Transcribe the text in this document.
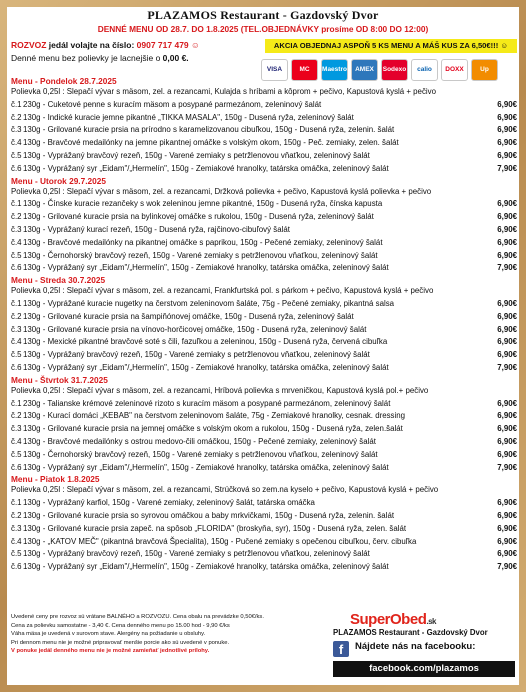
PLAZAMOS Restaurant - Gazdovský Dvor
DENNÉ MENU OD 28.7. DO 1.8.2025 (TEL.OBJEDNÁVKY prosíme OD 8:00 DO 12:00)
ROZVOZ jedál volajte na číslo: 0907 717 479 ☺
Denné menu bez polievky je lacnejšie o 0,00 €.
AKCIA OBJEDNAJ ASPOŇ 5 KS MENU A MÁŠ KUS ZA 6,50€!!! ☺
VISA	MC	Maestro	AMEX	Sodexo	calio	DOXX	Up
Menu - Pondelok 28.7.2025
Polievka 0,25l : Slepačí vývar s mäsom, zel. a rezancami, Kulajda s hríbami a kôprom + pečivo, Kapustová kyslá + pečivo
č.1 230g - Cuketové penne s kuracím mäsom a posypané parmezánom, zeleninový šalát	6,90€
č.2 130g - Indické kuracie jemne pikantné „TIKKA MASALA", 150g - Dusená ryža, zeleninový šalát	6,90€
č.3 130g - Grilované kuracie prsia na prírodno s karamelizovanou cibuľkou, 150g - Dusená ryža, zelenin. šalát	6,90€
č.4 130g - Bravčové medailónky na jemne pikantnej omáčke s volským okom, 150g - Peč. zemiaky, zelen. šalát	6,90€
č.5 130g - Vyprážaný bravčový rezeň, 150g - Varené zemiaky s petržlenovou vňaťkou, zeleninový šalát	6,90€
č.6 130g - Vyprážaný syr „Eidam"/„Hermelín", 150g - Zemiakové hranolky, tatárska omáčka, zeleninový šalát	7,90€
Menu - Utorok 29.7.2025
Polievka 0,25l : Slepačí vývar s mäsom, zel. a rezancami, Držková polievka + pečivo, Kapustová kyslá polievka + pečivo
č.1 130g - Čínske kuracie rezančeky s wok zeleninou jemne pikantné, 150g - Dusená ryža, čínska kapusta	6,90€
č.2 130g - Grilované kuracie prsia na bylinkovej omáčke s rukolou, 150g - Dusená ryža, zeleninový šalát	6,90€
č.3 130g - Vyprážaný kurací rezeň, 150g - Dusená ryža, rajčinovo-cibuľový šalát	6,90€
č.4 130g - Bravčové medailónky na pikantnej omáčke s paprikou, 150g - Pečené zemiaky, zeleninový šalát	6,90€
č.5 130g - Černohorský bravčový rezeň, 150g - Varené zemiaky s petržlenovou vňaťkou, zeleninový šalát	6,90€
č.6 130g - Vyprážaný syr „Eidam"/„Hermelín", 150g - Zemiakové hranolky, tatárska omáčka, zeleninový šalát	7,90€
Menu - Streda 30.7.2025
Polievka 0,25l : Slepačí vývar s mäsom, zel. a rezancami, Frankfurtská pol. s párkom + pečivo, Kapustová kyslá + pečivo
č.1 130g - Vyprážané kuracie nugetky na čerstvom zeleninovom šaláte, 75g - Pečené zemiaky, pikantná salsa	6,90€
č.2 130g - Grilované kuracie prsia na šampiňónovej omáčke, 150g - Dusená ryža, zeleninový šalát	6,90€
č.3 130g - Grilované kuracie prsia na vínovo-horčicovej omáčke, 150g - Dusená ryža, zeleninový šalát	6,90€
č.4 130g - Mexické pikantné bravčové soté s čili, fazuľkou a zeleninou, 150g - Dusená ryža, červená cibuľka	6,90€
č.5 130g - Vyprážaný bravčový rezeň, 150g - Varené zemiaky s petržlenovou vňaťkou, zeleninový šalát	6,90€
č.6 130g - Vyprážaný syr „Eidam"/„Hermelín", 150g - Zemiakové hranolky, tatárska omáčka, zeleninový šalát	7,90€
Menu - Štvrtok 31.7.2025
Polievka 0,25l : Slepačí vývar s mäsom, zel. a rezancami, Hríbová polievka s mrveničkou, Kapustová kyslá pol.+ pečivo
č.1 230g - Talianske krémové zeleninové rizoto s kuracím mäsom a posypané parmezánom, zeleninový šalát	6,90€
č.2 130g - Kurací domáci „KEBAB" na čerstvom zeleninovom šaláte, 75g - Zemiakové hranolky, cesnak. dressing	6,90€
č.3 130g - Grilované kuracie prsia na jemnej omáčke s volským okom a rukolou, 150g - Dusená ryža, zelen.šalát	6,90€
č.4 130g - Bravčové medailónky s ostrou medovo-čili omáčkou, 150g - Pečené zemiaky, zeleninový šalát	6,90€
č.5 130g - Černohorský bravčový rezeň, 150g - Varené zemiaky s petržlenovou vňaťkou, zeleninový šalát	6,90€
č.6 130g - Vyprážaný syr „Eidam"/„Hermelín", 150g - Zemiakové hranolky, tatárska omáčka, zeleninový šalát	7,90€
Menu - Piatok 1.8.2025
Polievka 0,25l : Slepačí vývar s mäsom, zel. a rezancami, Strúčková so zem.na kyselo + pečivo, Kapustová kyslá + pečivo
č.1 130g - Vyprážaný karfiol, 150g - Varené zemiaky, zeleninový šalát, tatárska omáčka	6,90€
č.2 130g - Grilované kuracie prsia so syrovou omáčkou a baby mrkvičkami, 150g - Dusená ryža, zelenin. šalát	6,90€
č.3 130g - Grilované kuracie prsia zapeč. na spôsob „FLORIDA" (broskyňa, syr), 150g - Dusená ryža, zelen. šalát	6,90€
č.4 130g - „KATOV MEČ" (pikantná bravčová Špecialita), 150g - Pučené zemiaky s opečenou cibuľkou, červ. cibuľka	6,90€
č.5 130g - Vyprážaný bravčový rezeň, 150g - Varené zemiaky s petržlenovou vňaťkou, zeleninový šalát	6,90€
č.6 130g - Vyprážaný syr „Eidam"/„Hermelín", 150g - Zemiakové hranolky, tatárska omáčka, zeleninový šalát	7,90€
Uvedené ceny pre rozvoz sú vrátane BALNÉHO a ROZVOZU. Cena obalu na prevádzke 0,50€/ks.
Cena za polievku samostatne - 3,40 €. Cena denného menu po 15.00 hod - 9,90 €/ks
Váha mäsa je uvedená v surovom stave. Alergény na požiadanie u obsluhy.
Pri dennom menu nie je možné pripravovať menšie porcie ako sú uvedené v ponuke.
V ponuke jedál denného menu nie je možné zamieňať jednotlivé prílohy.
SuperObed.sk
PLAZAMOS Restaurant - Gazdovský Dvor
f	Nájdete nás na facebooku:
facebook.com/plazamos
